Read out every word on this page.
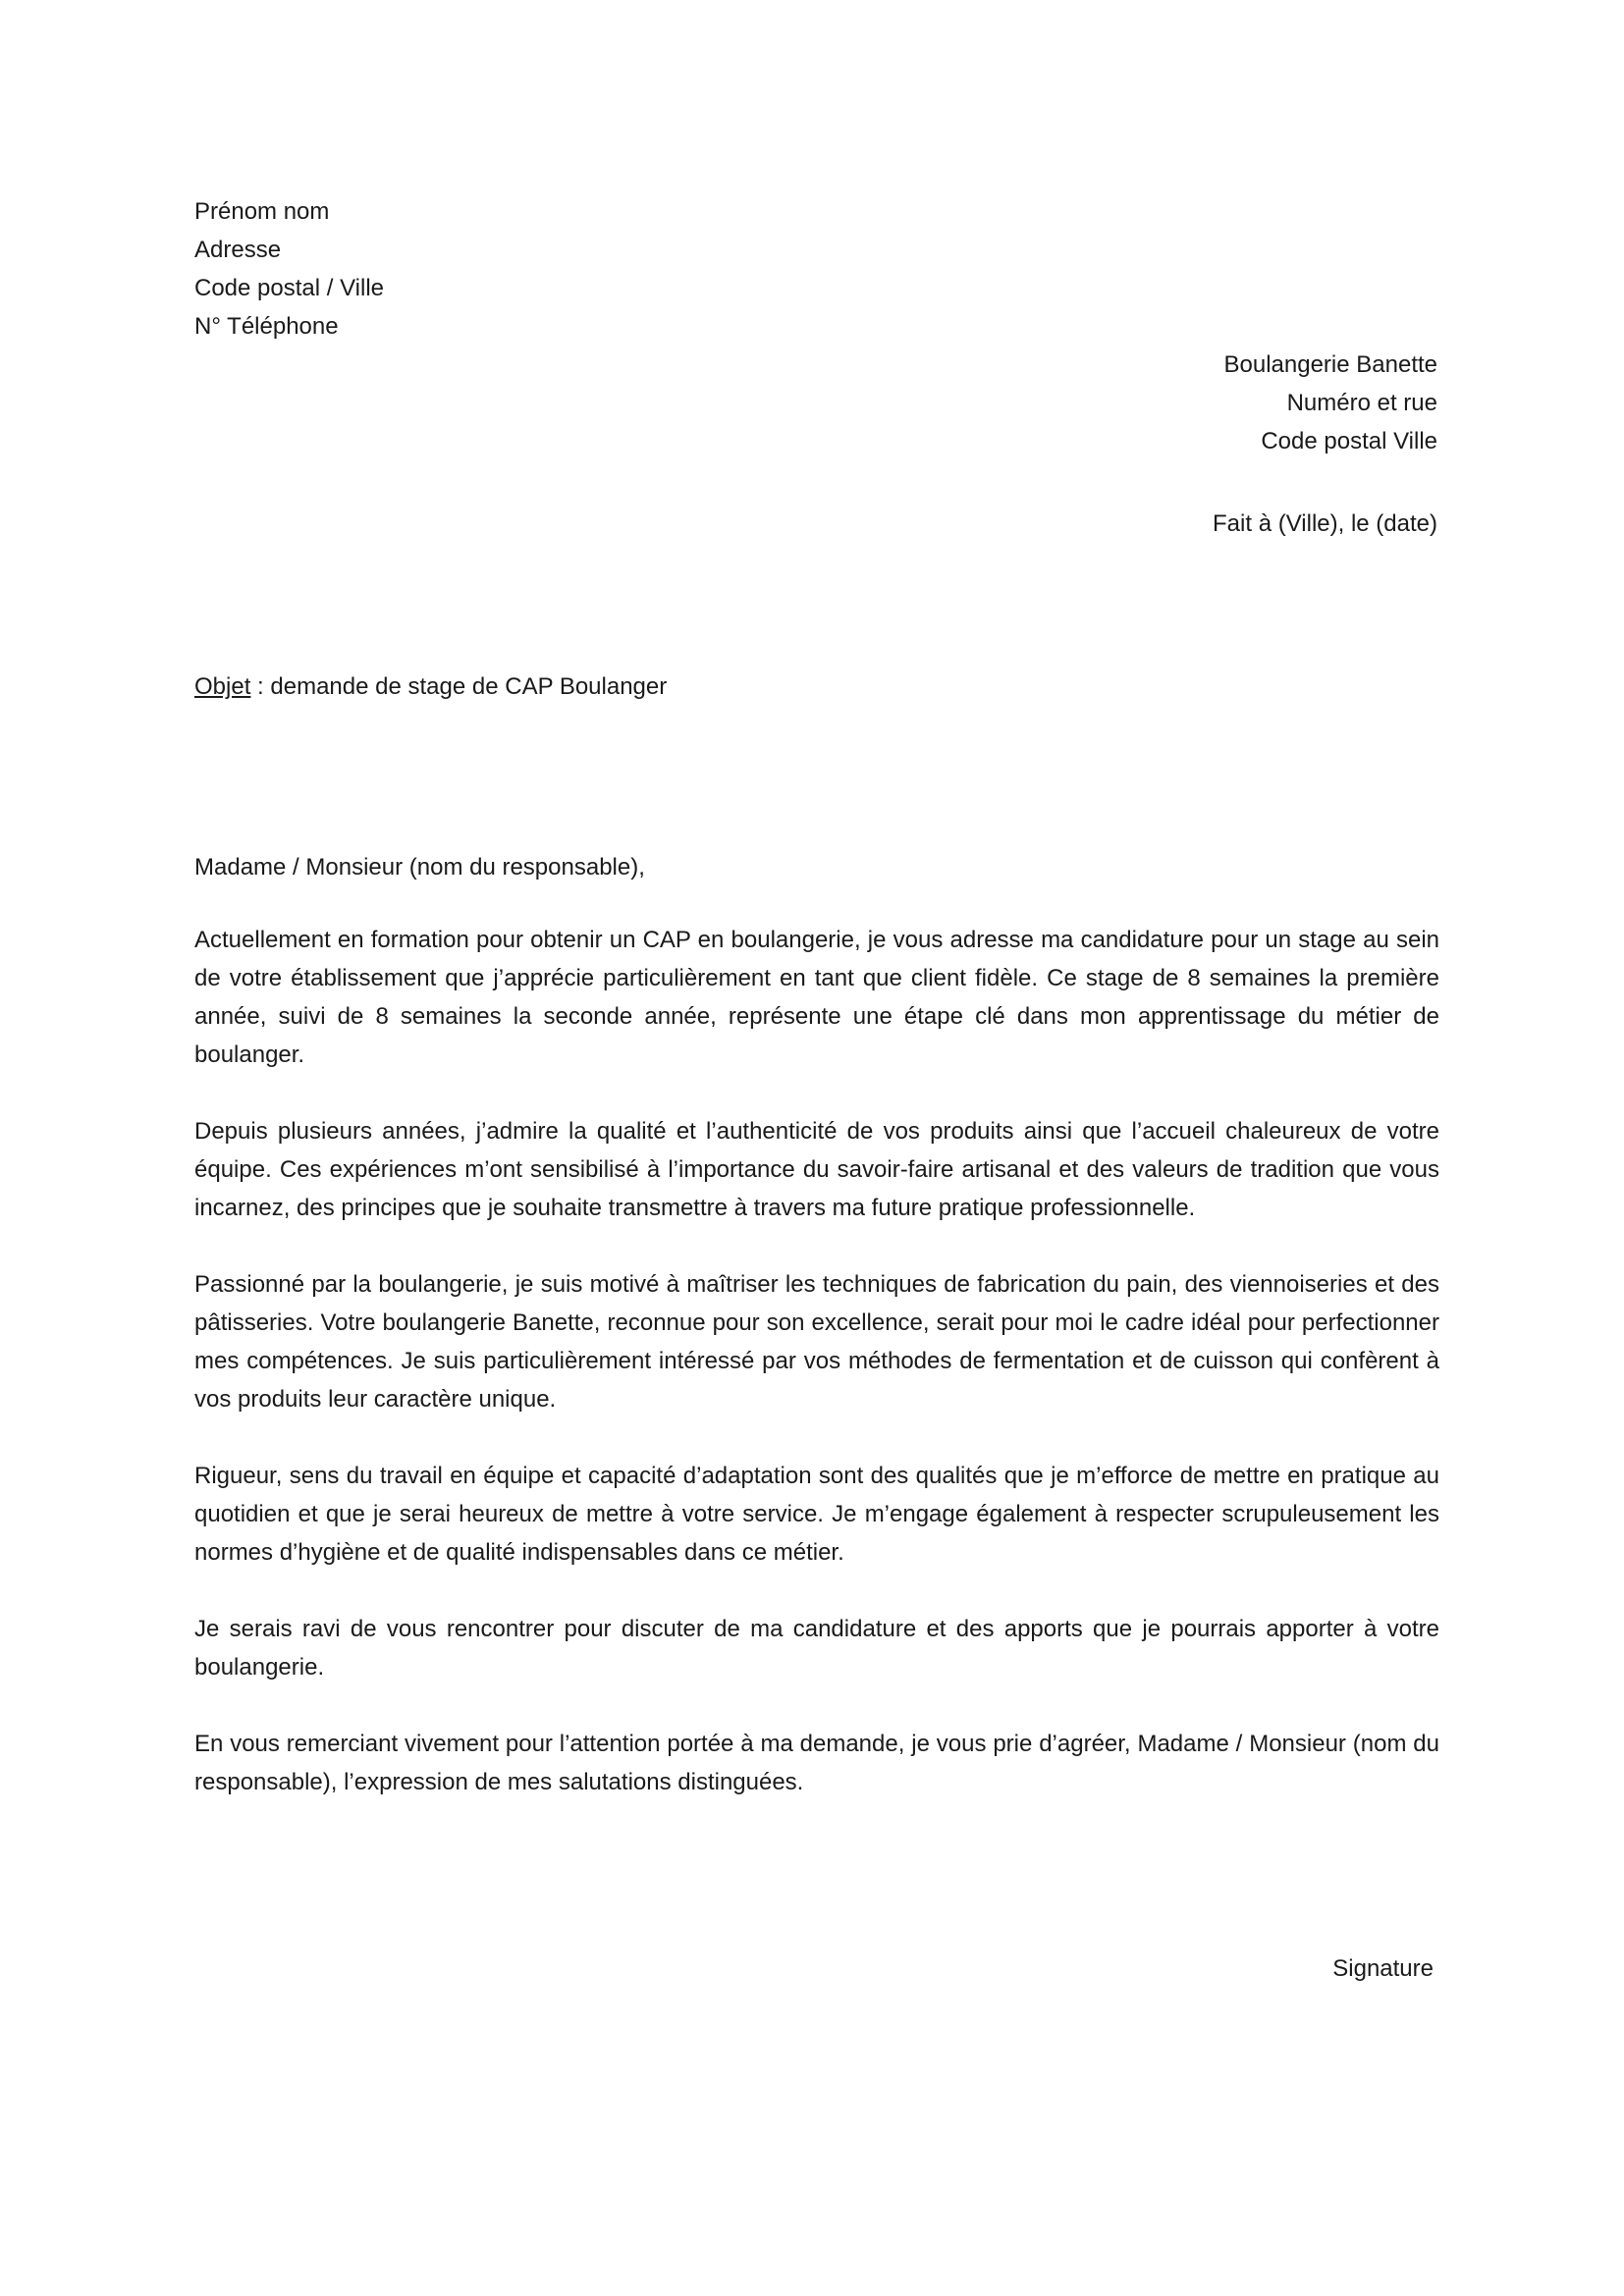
Prénom nom
Adresse
Code postal / Ville
N° Téléphone
Boulangerie Banette
Numéro et rue
Code postal Ville
Fait à (Ville), le (date)
Objet : demande de stage de CAP Boulanger
Madame / Monsieur (nom du responsable),

Actuellement en formation pour obtenir un CAP en boulangerie, je vous adresse ma candidature pour un stage au sein de votre établissement que j’apprécie particulièrement en tant que client fidèle. Ce stage de 8 semaines la première année, suivi de 8 semaines la seconde année, représente une étape clé dans mon apprentissage du métier de boulanger.

Depuis plusieurs années, j’admire la qualité et l’authenticité de vos produits ainsi que l’accueil chaleureux de votre équipe. Ces expériences m’ont sensibilisé à l’importance du savoir-faire artisanal et des valeurs de tradition que vous incarnez, des principes que je souhaite transmettre à travers ma future pratique professionnelle.

Passionné par la boulangerie, je suis motivé à maîtriser les techniques de fabrication du pain, des viennoiseries et des pâtisseries. Votre boulangerie Banette, reconnue pour son excellence, serait pour moi le cadre idéal pour perfectionner mes compétences. Je suis particulièrement intéressé par vos méthodes de fermentation et de cuisson qui confèrent à vos produits leur caractère unique.

Rigueur, sens du travail en équipe et capacité d’adaptation sont des qualités que je m’efforce de mettre en pratique au quotidien et que je serai heureux de mettre à votre service. Je m’engage également à respecter scrupuleusement les normes d’hygiène et de qualité indispensables dans ce métier.

Je serais ravi de vous rencontrer pour discuter de ma candidature et des apports que je pourrais apporter à votre boulangerie.

En vous remerciant vivement pour l’attention portée à ma demande, je vous prie d’agréer, Madame / Monsieur (nom du responsable), l’expression de mes salutations distinguées.

Signature
